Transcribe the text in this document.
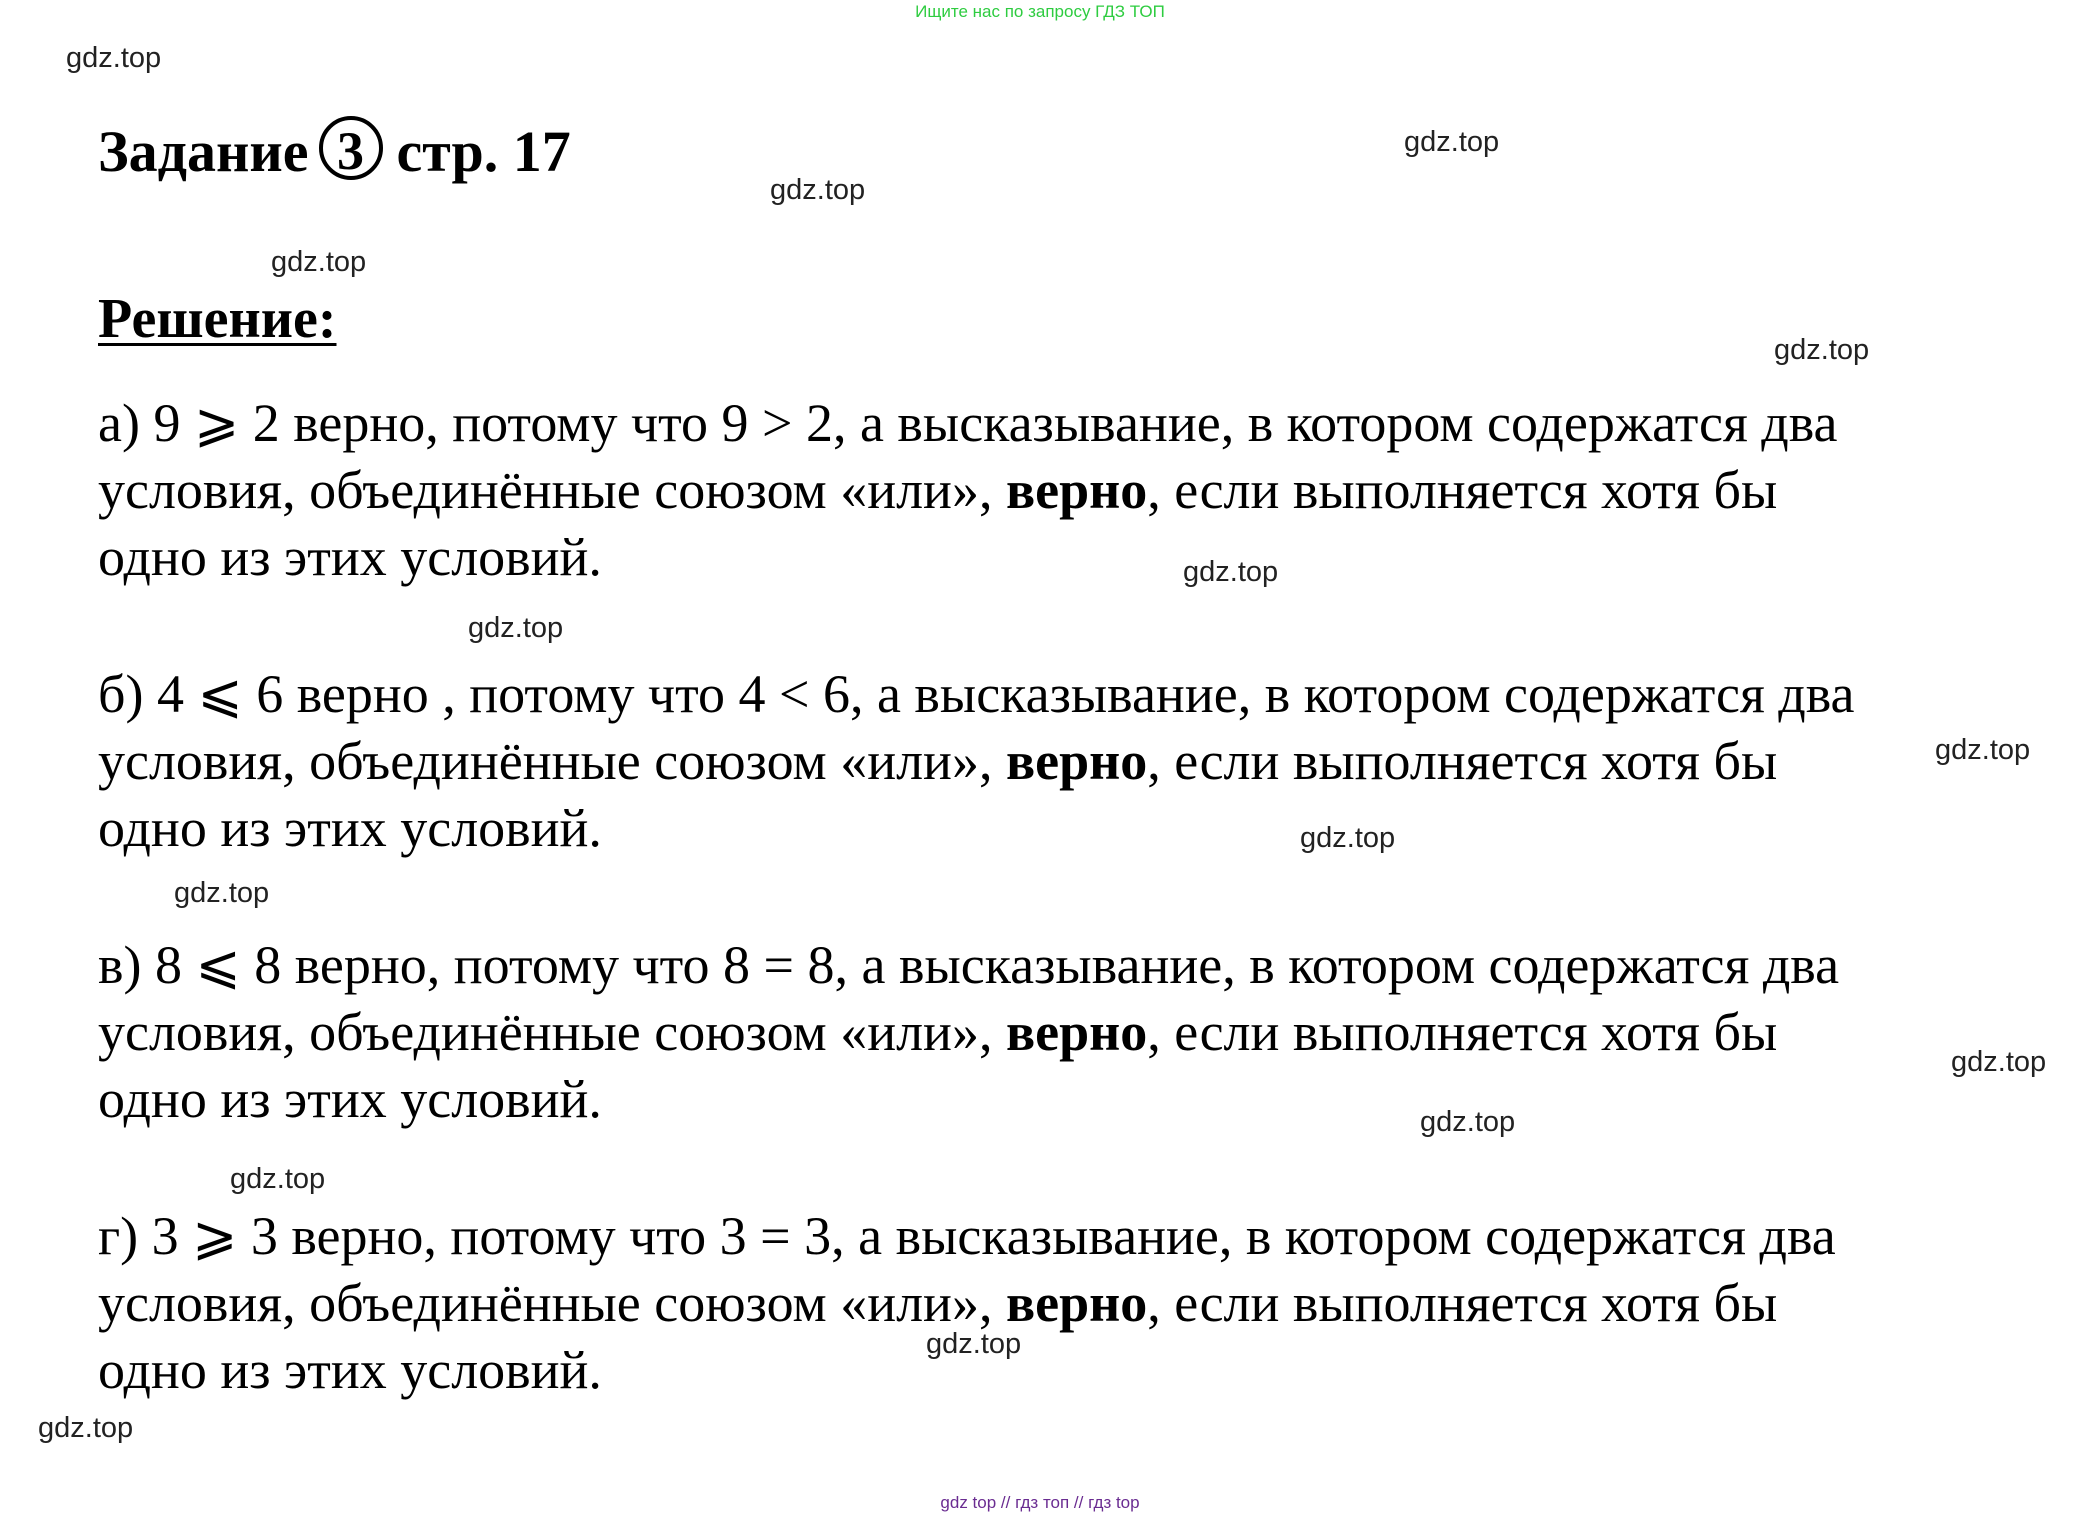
Ищите нас по запросу ГДЗ ТОП
Задание 3 стр. 17
Решение:
а) 9 ⩾ 2 верно, потому что 9 > 2, а высказывание, в котором содержатся два
условия, объединённые союзом «или», верно, если выполняется хотя бы
одно из этих условий.
б) 4 ⩽ 6 верно , потому что 4 < 6, а высказывание, в котором содержатся два
условия, объединённые союзом «или», верно, если выполняется хотя бы
одно из этих условий.
в) 8 ⩽ 8 верно, потому что 8 = 8, а высказывание, в котором содержатся два
условия, объединённые союзом «или», верно, если выполняется хотя бы
одно из этих условий.
г) 3 ⩾ 3 верно, потому что 3 = 3, а высказывание, в котором содержатся два
условия, объединённые союзом «или», верно, если выполняется хотя бы
одно из этих условий.
gdz.top
gdz.top
gdz.top
gdz.top
gdz.top
gdz.top
gdz.top
gdz.top
gdz.top
gdz.top
gdz.top
gdz.top
gdz.top
gdz.top
gdz.top
gdz top // гдз топ // гдз top
